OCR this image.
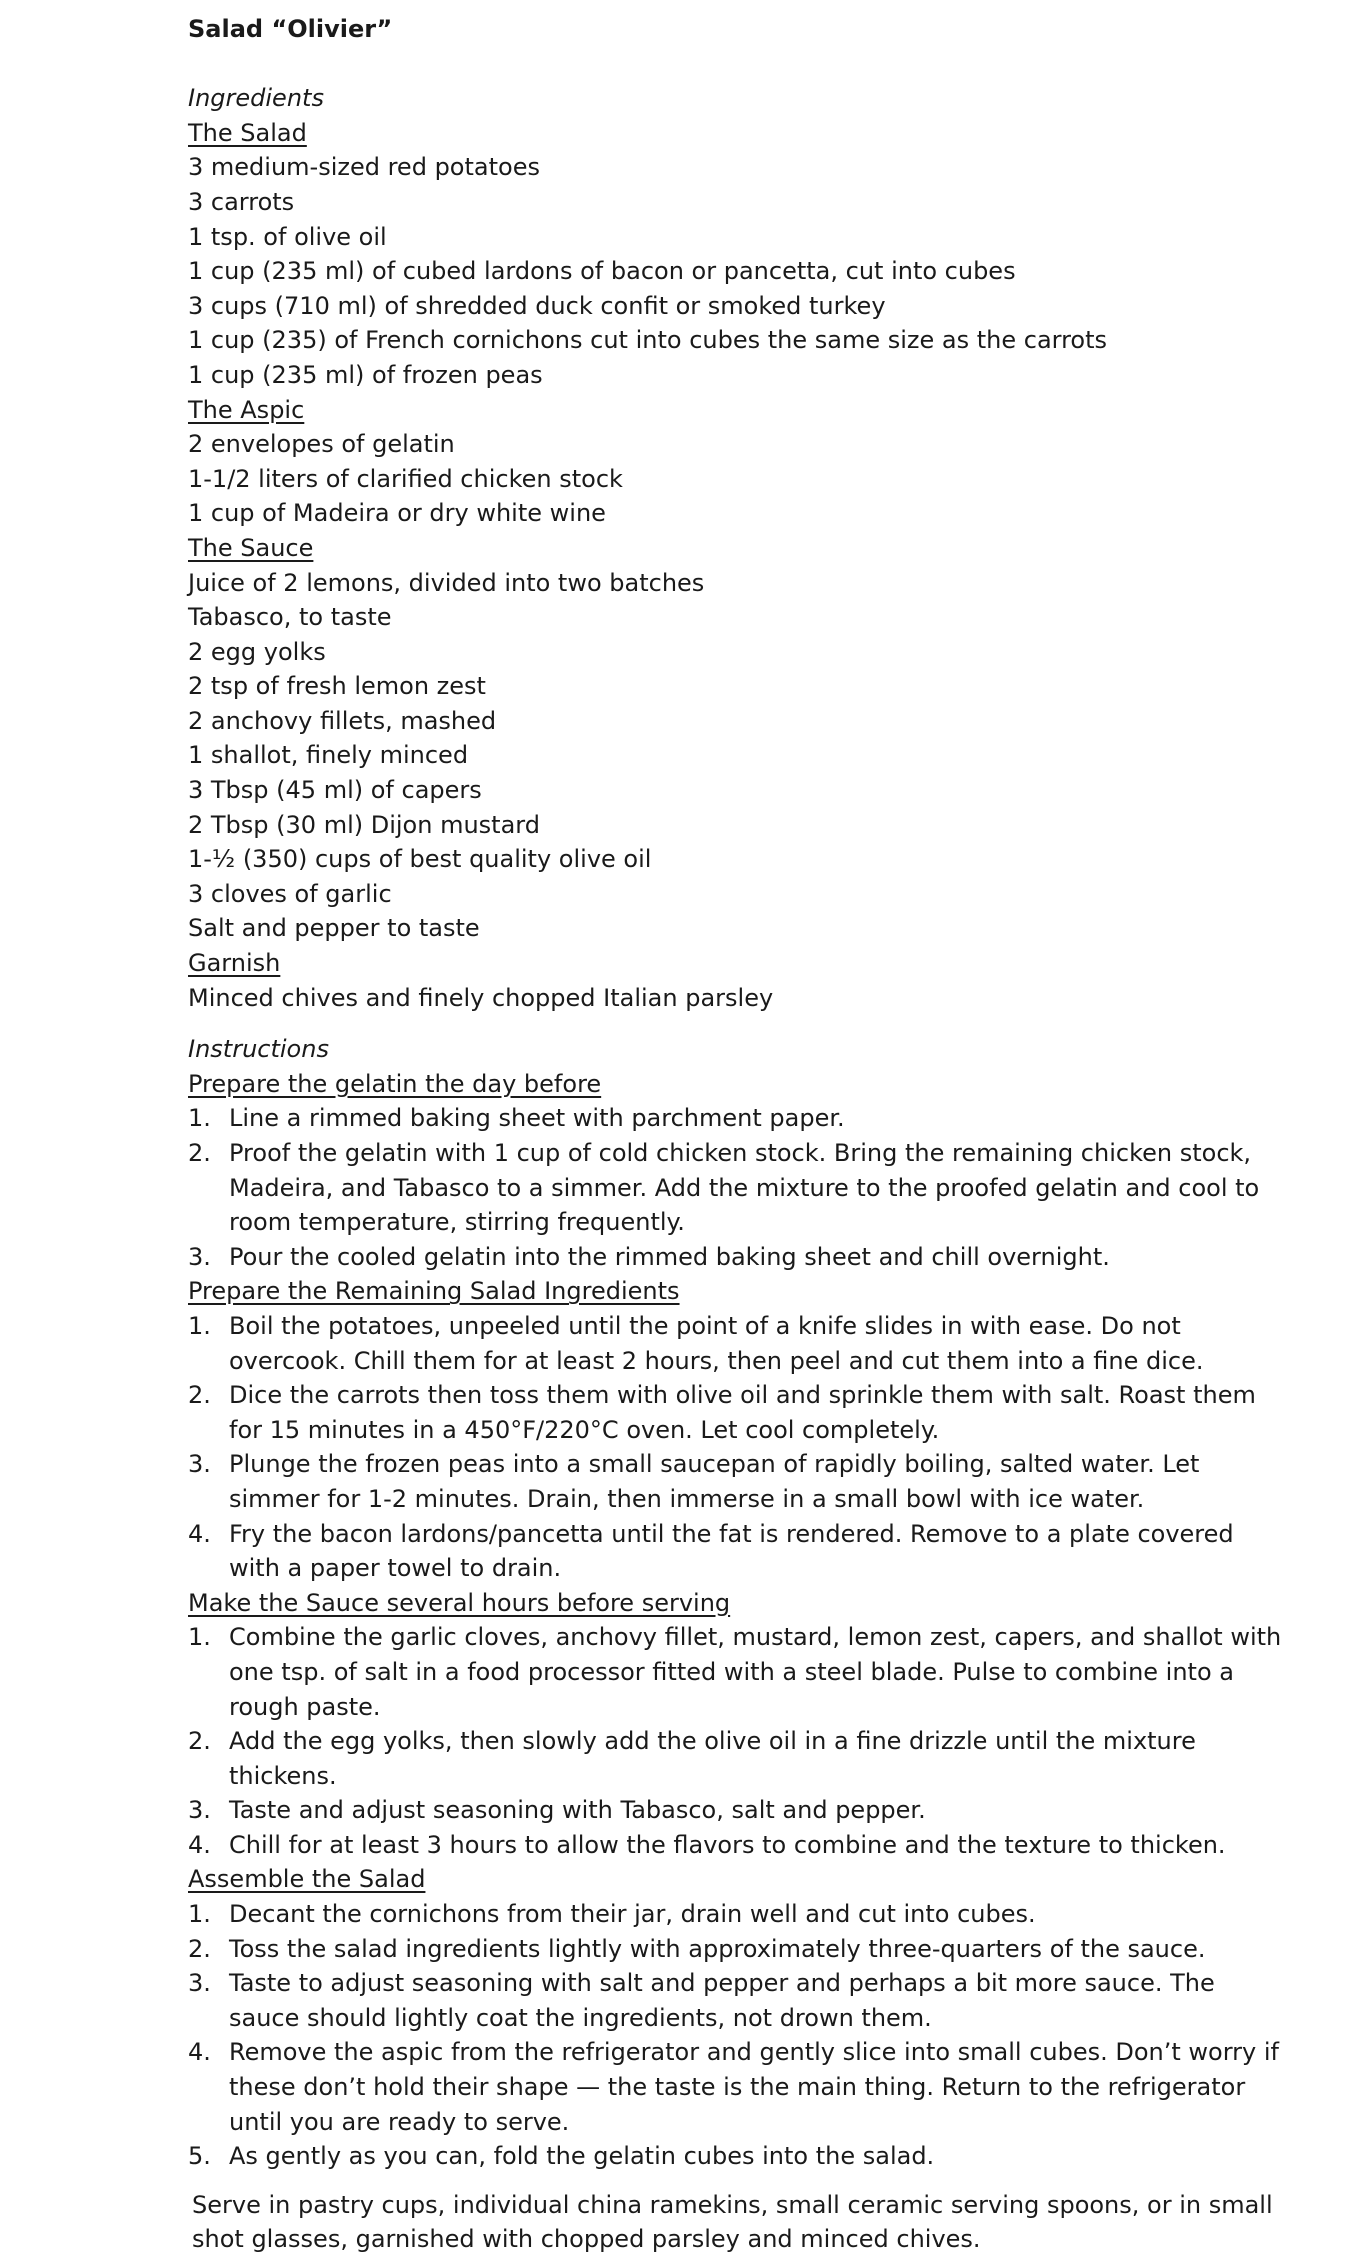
Salad “Olivier”
Ingredients
The Salad
3 medium-sized red potatoes
3 carrots
1 tsp. of olive oil
1 cup (235 ml) of cubed lardons of bacon or pancetta, cut into cubes
3 cups (710 ml) of shredded duck confit or smoked turkey
1 cup (235) of French cornichons cut into cubes the same size as the carrots
1 cup (235 ml) of frozen peas
The Aspic
2 envelopes of gelatin
1-1/2 liters of clarified chicken stock
1 cup of Madeira or dry white wine
The Sauce
Juice of 2 lemons, divided into two batches
Tabasco, to taste
2 egg yolks
2 tsp of fresh lemon zest
2 anchovy fillets, mashed
1 shallot, finely minced
3 Tbsp (45 ml) of capers
2 Tbsp (30 ml) Dijon mustard
1-½ (350) cups of best quality olive oil
3 cloves of garlic
Salt and pepper to taste
Garnish
Minced chives and finely chopped Italian parsley
Instructions
Prepare the gelatin the day before
1. Line a rimmed baking sheet with parchment paper.
2. Proof the gelatin with 1 cup of cold chicken stock. Bring the remaining chicken stock,
Madeira, and Tabasco to a simmer. Add the mixture to the proofed gelatin and cool to
room temperature, stirring frequently.
3. Pour the cooled gelatin into the rimmed baking sheet and chill overnight.
Prepare the Remaining Salad Ingredients
1. Boil the potatoes, unpeeled until the point of a knife slides in with ease. Do not
overcook. Chill them for at least 2 hours, then peel and cut them into a fine dice.
2. Dice the carrots then toss them with olive oil and sprinkle them with salt. Roast them
for 15 minutes in a 450°F/220°C oven. Let cool completely.
3. Plunge the frozen peas into a small saucepan of rapidly boiling, salted water. Let
simmer for 1-2 minutes. Drain, then immerse in a small bowl with ice water.
4. Fry the bacon lardons/pancetta until the fat is rendered. Remove to a plate covered
with a paper towel to drain.
Make the Sauce several hours before serving
1. Combine the garlic cloves, anchovy fillet, mustard, lemon zest, capers, and shallot with
one tsp. of salt in a food processor fitted with a steel blade. Pulse to combine into a
rough paste.
2. Add the egg yolks, then slowly add the olive oil in a fine drizzle until the mixture
thickens.
3. Taste and adjust seasoning with Tabasco, salt and pepper.
4. Chill for at least 3 hours to allow the flavors to combine and the texture to thicken.
Assemble the Salad
1. Decant the cornichons from their jar, drain well and cut into cubes.
2. Toss the salad ingredients lightly with approximately three-quarters of the sauce.
3. Taste to adjust seasoning with salt and pepper and perhaps a bit more sauce. The
sauce should lightly coat the ingredients, not drown them.
4. Remove the aspic from the refrigerator and gently slice into small cubes. Don’t worry if
these don’t hold their shape — the taste is the main thing. Return to the refrigerator
until you are ready to serve.
5. As gently as you can, fold the gelatin cubes into the salad.
Serve in pastry cups, individual china ramekins, small ceramic serving spoons, or in small
shot glasses, garnished with chopped parsley and minced chives.
